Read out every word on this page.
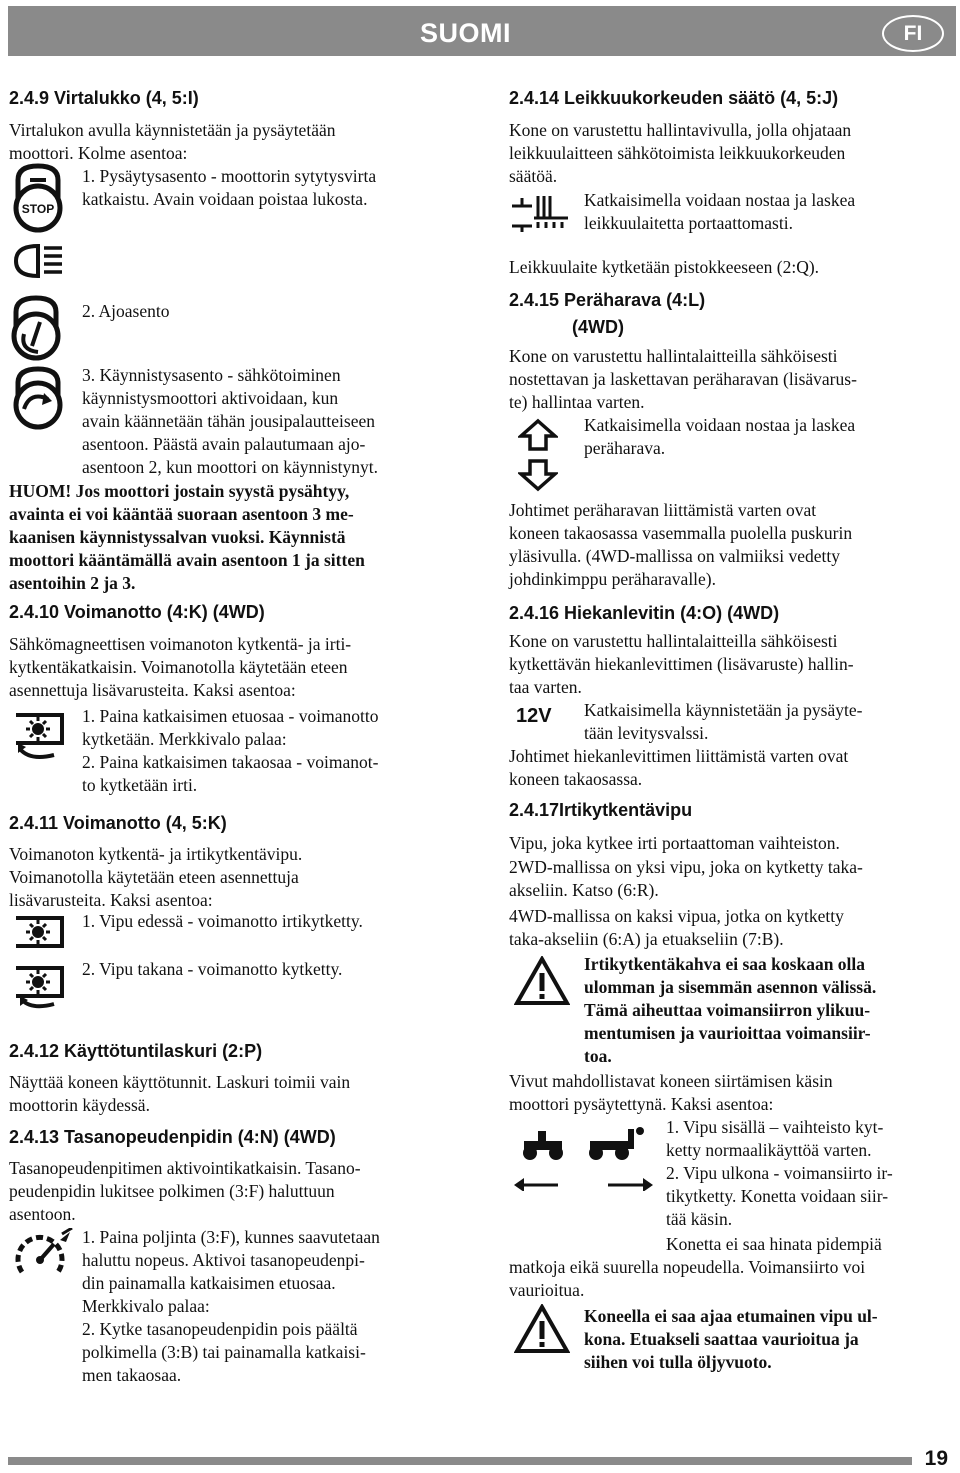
SUOMI	FI
2.4.9 Virtalukko (4, 5:I)
Virtalukon avulla käynnistetään ja pysäytetään
moottori. Kolme asentoa:
STOP
1. Pysäytysasento - moottorin sytytysvirta
katkaistu. Avain voidaan poistaa lukosta.
2. Ajoasento
3. Käynnistysasento - sähkötoiminen
käynnistysmoottori aktivoidaan, kun
avain käännetään tähän jousipalautteiseen
asentoon. Päästä avain palautumaan ajo-
asentoon 2, kun moottori on käynnistynyt.
HUOM! Jos moottori jostain syystä pysähtyy,
avainta ei voi kääntää suoraan asentoon 3 me-
kaanisen käynnistyssalvan vuoksi. Käynnistä
moottori kääntämällä avain asentoon 1 ja sitten
asentoihin 2 ja 3.
2.4.10 Voimanotto (4:K) (4WD)
Sähkömagneettisen voimanoton kytkentä- ja irti-
kytkentäkatkaisin. Voimanotolla käytetään eteen
asennettuja lisävarusteita. Kaksi asentoa:
1. Paina katkaisimen etuosaa - voimanotto
kytketään. Merkkivalo palaa:
2. Paina katkaisimen takaosaa - voimanot-
to kytketään irti.
2.4.11 Voimanotto (4, 5:K)
Voimanoton kytkentä- ja irtikytkentävipu.
Voimanotolla käytetään eteen asennettuja
lisävarusteita. Kaksi asentoa:
1. Vipu edessä - voimanotto irtikytketty.
2. Vipu takana - voimanotto kytketty.
2.4.12 Käyttötuntilaskuri (2:P)
Näyttää koneen käyttötunnit. Laskuri toimii vain
moottorin käydessä.
2.4.13 Tasanopeudenpidin (4:N) (4WD)
Tasanopeudenpitimen aktivointikatkaisin. Tasano-
peudenpidin lukitsee polkimen (3:F) haluttuun
asentoon.
1. Paina poljinta (3:F), kunnes saavutetaan
haluttu nopeus. Aktivoi tasanopeudenpi-
din painamalla katkaisimen etuosaa.
Merkkivalo palaa:
2. Kytke tasanopeudenpidin pois päältä
polkimella (3:B) tai painamalla katkaisi-
men takaosaa.
2.4.14 Leikkuukorkeuden säätö (4, 5:J)
Kone on varustettu hallintavivulla, jolla ohjataan
leikkuulaitteen sähkötoimista leikkuukorkeuden
säätöä.
Katkaisimella voidaan nostaa ja laskea
leikkuulaitetta portaattomasti.
Leikkuulaite kytketään pistokkeeseen (2:Q).
2.4.15 Peräharava (4:L)
(4WD)
Kone on varustettu hallintalaitteilla sähköisesti
nostettavan ja laskettavan peräharavan (lisävarus-
te) hallintaa varten.
Katkaisimella voidaan nostaa ja laskea
peräharava.
Johtimet peräharavan liittämistä varten ovat
koneen takaosassa vasemmalla puolella puskurin
yläsivulla. (4WD-mallissa on valmiiksi vedetty
johdinkimppu peräharavalle).
2.4.16 Hiekanlevitin (4:O) (4WD)
Kone on varustettu hallintalaitteilla sähköisesti
kytkettävän hiekanlevittimen (lisävaruste) hallin-
taa varten.
12V Katkaisimella käynnistetään ja pysäyte-
tään levitysvalssi.
Johtimet hiekanlevittimen liittämistä varten ovat
koneen takaosassa.
2.4.17Irtikytkentävipu
Vipu, joka kytkee irti portaattoman vaihteiston.
2WD-mallissa on yksi vipu, joka on kytketty taka-
akseliin. Katso (6:R).
4WD-mallissa on kaksi vipua, jotka on kytketty
taka-akseliin (6:A) ja etuakseliin (7:B).
Irtikytkentäkahva ei saa koskaan olla
ulomman ja sisemmän asennon välissä.
Tämä aiheuttaa voimansiirron ylikuu-
mentumisen ja vaurioittaa voimansiir-
toa.
Vivut mahdollistavat koneen siirtämisen käsin
moottori pysäytettynä. Kaksi asentoa:
1. Vipu sisällä – vaihteisto kyt-
ketty normaalikäyttöä varten.
2. Vipu ulkona - voimansiirto ir-
tikytketty. Konetta voidaan siir-
tää käsin.
Konetta ei saa hinata pidempiä
matkoja eikä suurella nopeudella. Voimansiirto voi
vaurioitua.
Koneella ei saa ajaa etumainen vipu ul-
kona. Etuakseli saattaa vaurioitua ja
siihen voi tulla öljyvuoto.
19
